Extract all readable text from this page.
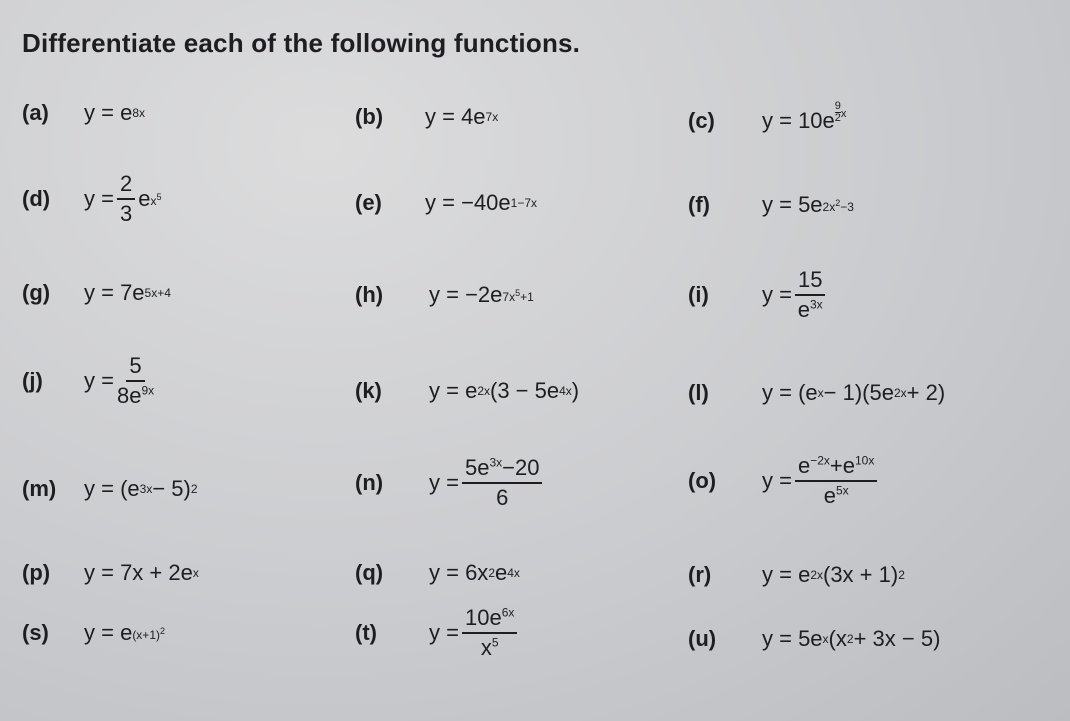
Differentiate each of the following functions.
(a)	y = e 8x	(b)	y = 4e 7x	(c)	y = 10e
9
2 x
(d)	$y = \frac{2}{3}$ e $x^5$	(e)	y = −40e 1−7x	(f)	y = 5e $2x^2-3$
(g)	y = 7e 5x+4	(h)	y = −2e $7x^5+1$	(i)	$y = \frac{15}{e^{3x}}$
(j)	$y = \frac{5}{8e^{9x}}$	(k)	y = e 2x (3 − 5e 4x )	(l)	y = (e x − 1)(5e 2x + 2)
(m)	y = (e 3x − 5) 2	(n)	$y = \frac{5e^{3x}-20}{6}$	(o)	$y = \frac{e^{-2x}+e^{10x}}{e^{5x}}$
(p)	y = 7x + 2e x	(q)	y = 6x 2 e 4x	(r)	y = e 2x (3x + 1) 2
(s)	y = e $(x+1)^2$	(t)	$y = \frac{10e^{6x}}{x^5}$	(u)	y = 5e x (x 2 + 3x − 5)
